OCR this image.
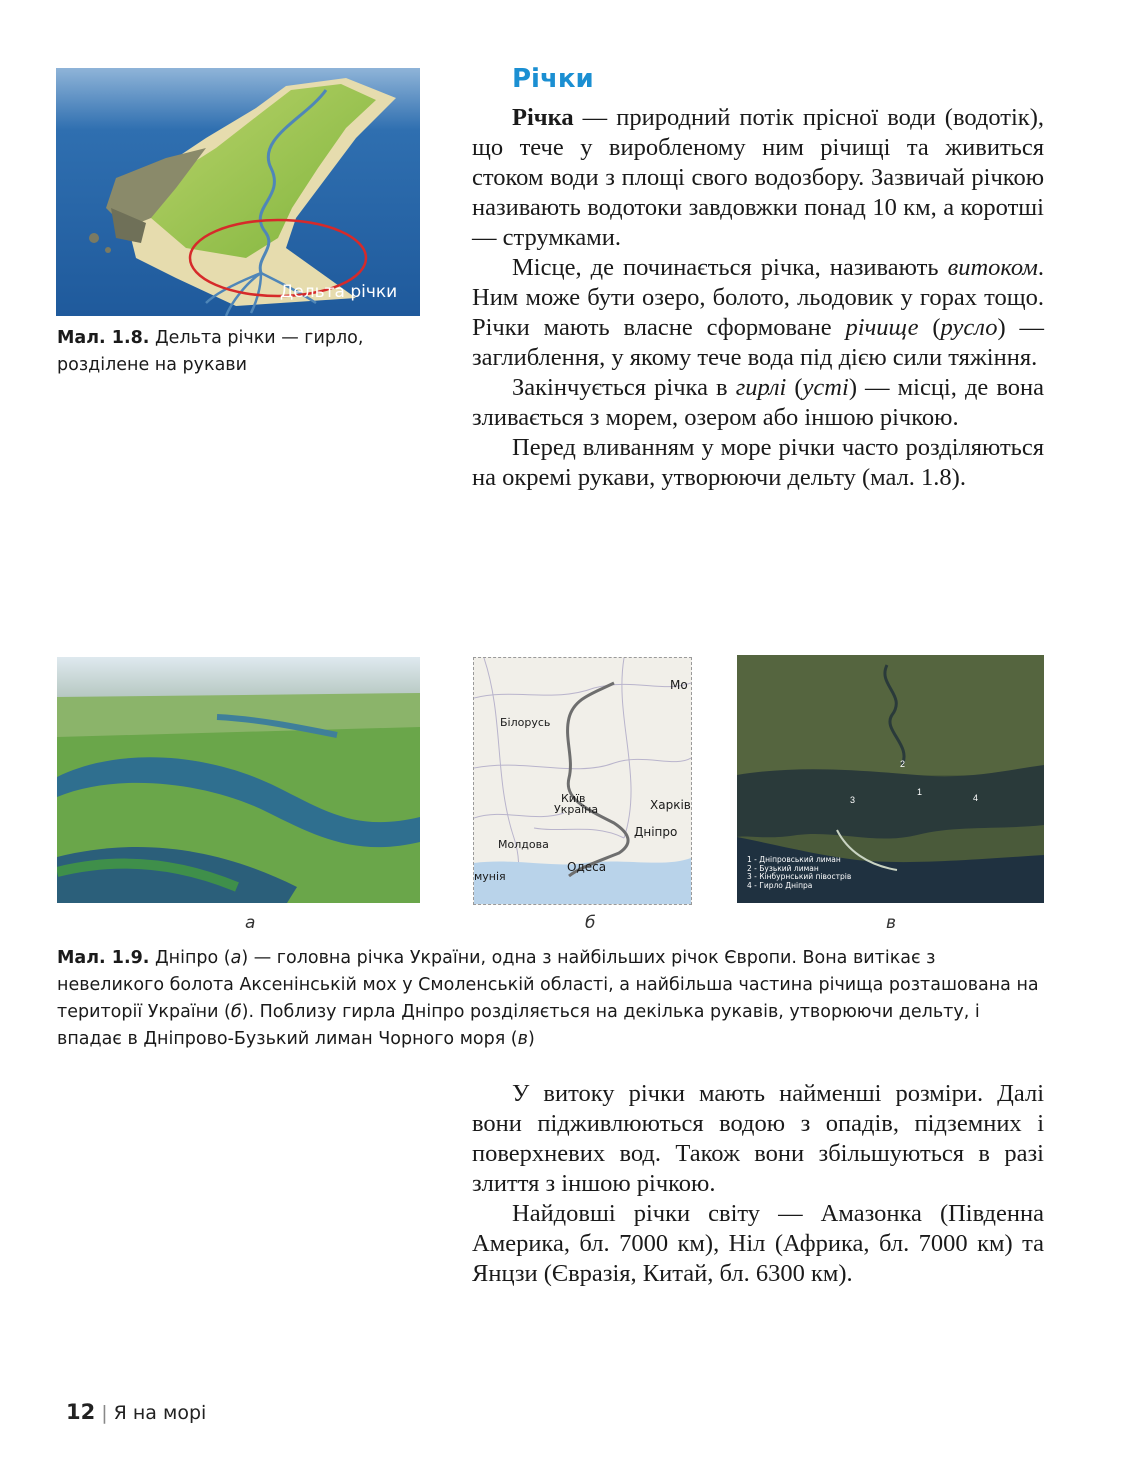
Річки

Річка — природний потік прісної води (водотік), що тече у виробленому ним річищі та живиться стоком води з площі свого водозбору. Зазвичай річкою називають водотоки завдовжки понад 10 км, а коротші — струмками.

Місце, де починається річка, називають витоком. Ним може бути озеро, болото, льодовик у горах тощо. Річки мають власне сформоване річище (русло) — заглиблення, у якому тече вода під дією сили тяжіння.

Закінчується річка в гирлі (усті) — місці, де вона зливається з морем, озером або іншою річкою.

Перед вливанням у море річки часто розділяються на окремі рукави, утворюючи дельту (мал. 1.8).

Дельта річки
Мал. 1.8. Дельта річки — гирло, розділене на рукави
Білорусь
Київ
Україна	Харків
Дніпро
Молдова
Одеса
мунія
Мо
2
1
3	4
1 - Дніпровський лиман
2 - Бузький лиман
3 - Кінбурнський півострів
4 - Гирло Дніпра
а	б	в
Мал. 1.9. Дніпро (а) — головна річка України, одна з найбільших річок Європи. Вона витікає з невеликого болота Аксенінській мох у Смоленській області, а найбільша частина річища розташована на території України (б). Поблизу гирла Дніпро розділяється на декілька рукавів, утворюючи дельту, і впадає в Дніпрово-Бузький лиман Чорного моря (в)

У витоку річки мають найменші розміри. Далі вони підживлюються водою з опадів, підземних і поверхневих вод. Також вони збільшуються в разі злиття з іншою річкою.

Найдовші річки світу — Амазонка (Південна Америка, бл. 7000 км), Ніл (Африка, бл. 7000 км) та Янцзи (Євразія, Китай, бл. 6300 км).

12 | Я на морі
